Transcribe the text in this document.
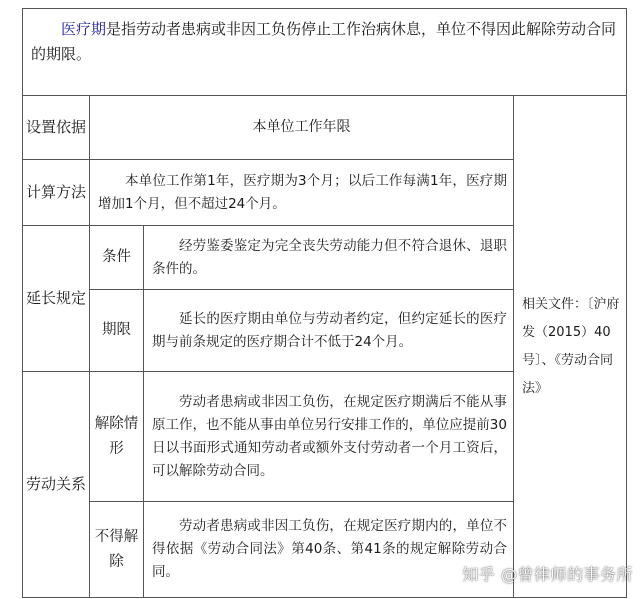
医疗期是指劳动者患病或非因工负伤停止工作治病休息，单位不得因此解除劳动合同的期限。			
设置依据	本单位工作年限		相关文件：〔沪府发（2015）40号〕、《劳动合同法》
计算方法	本单位工作第1年，医疗期为3个月；以后工作每满1年，医疗期增加1个月，但不超过24个月。		
延长规定	条件	经劳鉴委鉴定为完全丧失劳动能力但不符合退休、退职条件的。	
	期限	延长的医疗期由单位与劳动者约定，但约定延长的医疗期与前条规定的医疗期合计不低于24个月。	
劳动关系	解除情形	劳动者患病或非因工负伤，在规定医疗期满后不能从事原工作，也不能从事由单位另行安排工作的，单位应提前30日以书面形式通知劳动者或额外支付劳动者一个月工资后，可以解除劳动合同。	
	不得解除	劳动者患病或非因工负伤，在规定医疗期内的，单位不得依据《劳动合同法》第40条、第41条的规定解除劳动合同。		知乎 @曾律师的事务所
